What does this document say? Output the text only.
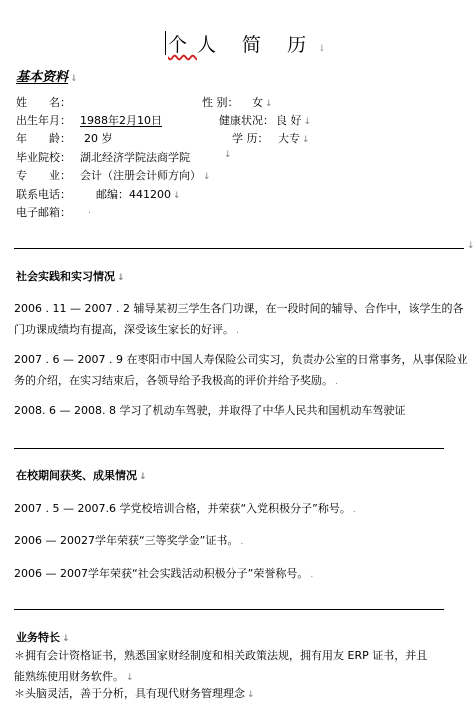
个人 简 历 ↓
基本资料 ↓
姓　　名：	性 别： 女 ↓
出生年月： 1988年2月10日	健康状况： 良 好 ↓
年　　龄： 20 岁	学 历： 大专 ↓
毕业院校： 湖北经济学院法商学院	↓
专　　业： 会计（注册会计师方向） ↓
联系电话： 邮编：441200 ↓
电子邮箱： .
↓
社会实践和实习情况 ↓
2006 . 11 — 2007 . 2 辅导某初三学生各门功课，在一段时间的辅导、合作中，该学生的各门功课成绩均有提高，深受该生家长的好评。 .
2007 . 6 — 2007 . 9 在枣阳市中国人寿保险公司实习，负责办公室的日常事务，从事保险业务的介绍，在实习结束后，各领导给予我极高的评价并给予奖励。 .
2008. 6 — 2008. 8 学习了机动车驾驶，并取得了中华人民共和国机动车驾驶证
在校期间获奖、成果情况 ↓
2007 . 5 — 2007.6 学党校培训合格，并荣获“入党积极分子”称号。 .
2006 — 20027学年荣获“三等奖学金”证书。 .
2006 — 2007学年荣获“社会实践活动积极分子”荣誉称号。 .
业务特长 ↓
＊拥有会计资格证书，熟悉国家财经制度和相关政策法规，拥有用友 ERP 证书，并且能熟练使用财务软件。 ↓
＊头脑灵活，善于分析，具有现代财务管理理念 ↓
